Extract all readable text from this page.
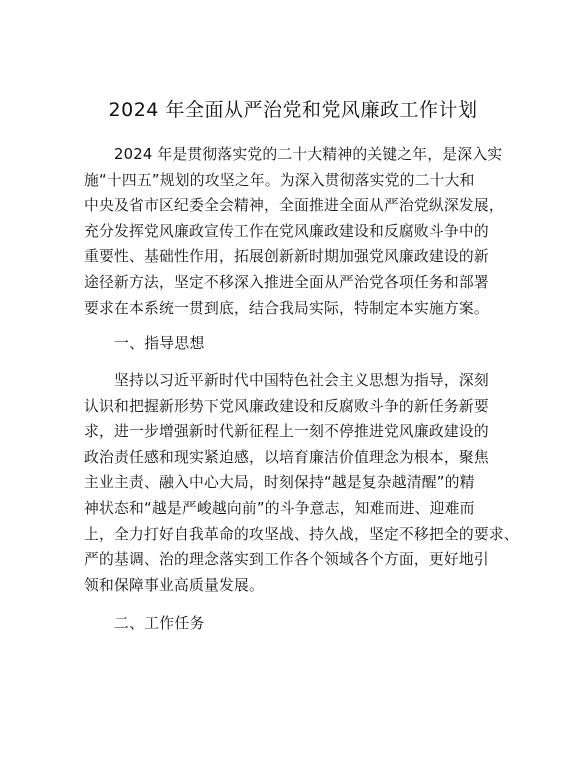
2024 年全面从严治党和党风廉政工作计划
2024 年是贯彻落实党的二十大精神的关键之年，是深入实
施“十四五”规划的攻坚之年。为深入贯彻落实党的二十大和
中央及省市区纪委全会精神，全面推进全面从严治党纵深发展，
充分发挥党风廉政宣传工作在党风廉政建设和反腐败斗争中的
重要性、基础性作用，拓展创新新时期加强党风廉政建设的新
途径新方法，坚定不移深入推进全面从严治党各项任务和部署
要求在本系统一贯到底，结合我局实际，特制定本实施方案。
一、指导思想
坚持以习近平新时代中国特色社会主义思想为指导，深刻
认识和把握新形势下党风廉政建设和反腐败斗争的新任务新要
求，进一步增强新时代新征程上一刻不停推进党风廉政建设的
政治责任感和现实紧迫感，以培育廉洁价值理念为根本，聚焦
主业主责、融入中心大局，时刻保持“越是复杂越清醒”的精
神状态和“越是严峻越向前”的斗争意志，知难而进、迎难而
上，全力打好自我革命的攻坚战、持久战，坚定不移把全的要求、
严的基调、治的理念落实到工作各个领域各个方面，更好地引
领和保障事业高质量发展。
二、工作任务
